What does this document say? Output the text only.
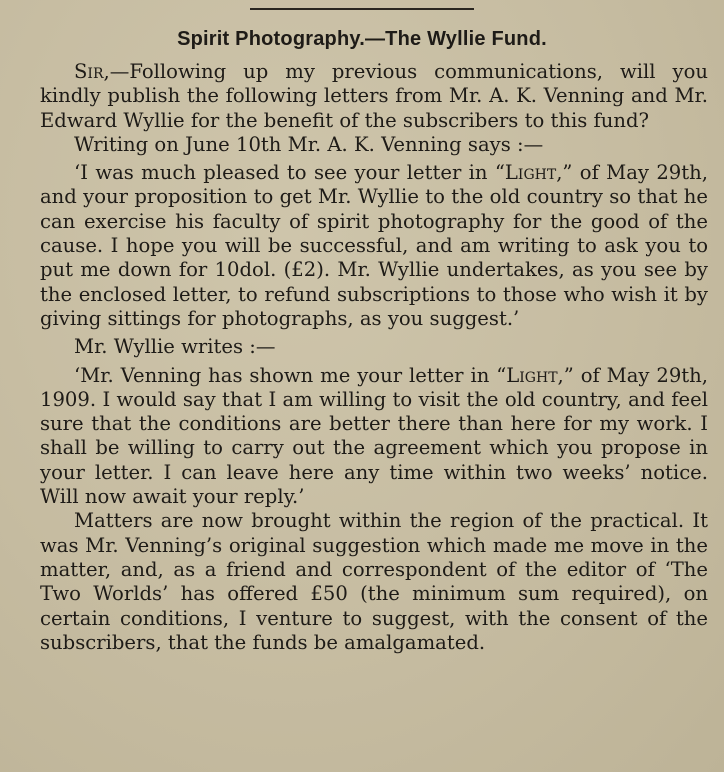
Spirit Photography.—The Wyllie Fund.

Sir,—Following up my previous communications, will you kindly publish the following letters from Mr. A. K. Venning and Mr. Edward Wyllie for the benefit of the subscribers to this fund?

Writing on June 10th Mr. A. K. Venning says :—

‘I was much pleased to see your letter in “Light,” of May 29th, and your proposition to get Mr. Wyllie to the old country so that he can exercise his faculty of spirit photography for the good of the cause. I hope you will be successful, and am writing to ask you to put me down for 10dol. (£2). Mr. Wyllie undertakes, as you see by the enclosed letter, to refund subscriptions to those who wish it by giving sittings for photographs, as you suggest.’

Mr. Wyllie writes :—

‘Mr. Venning has shown me your letter in “Light,” of May 29th, 1909. I would say that I am willing to visit the old country, and feel sure that the conditions are better there than here for my work. I shall be willing to carry out the agreement which you propose in your letter. I can leave here any time within two weeks’ notice. Will now await your reply.’

Matters are now brought within the region of the practical. It was Mr. Venning’s original suggestion which made me move in the matter, and, as a friend and correspondent of the editor of ‘The Two Worlds’ has offered £50 (the minimum sum required), on certain conditions, I venture to suggest, with the consent of the subscribers, that the funds be amalgamated.
